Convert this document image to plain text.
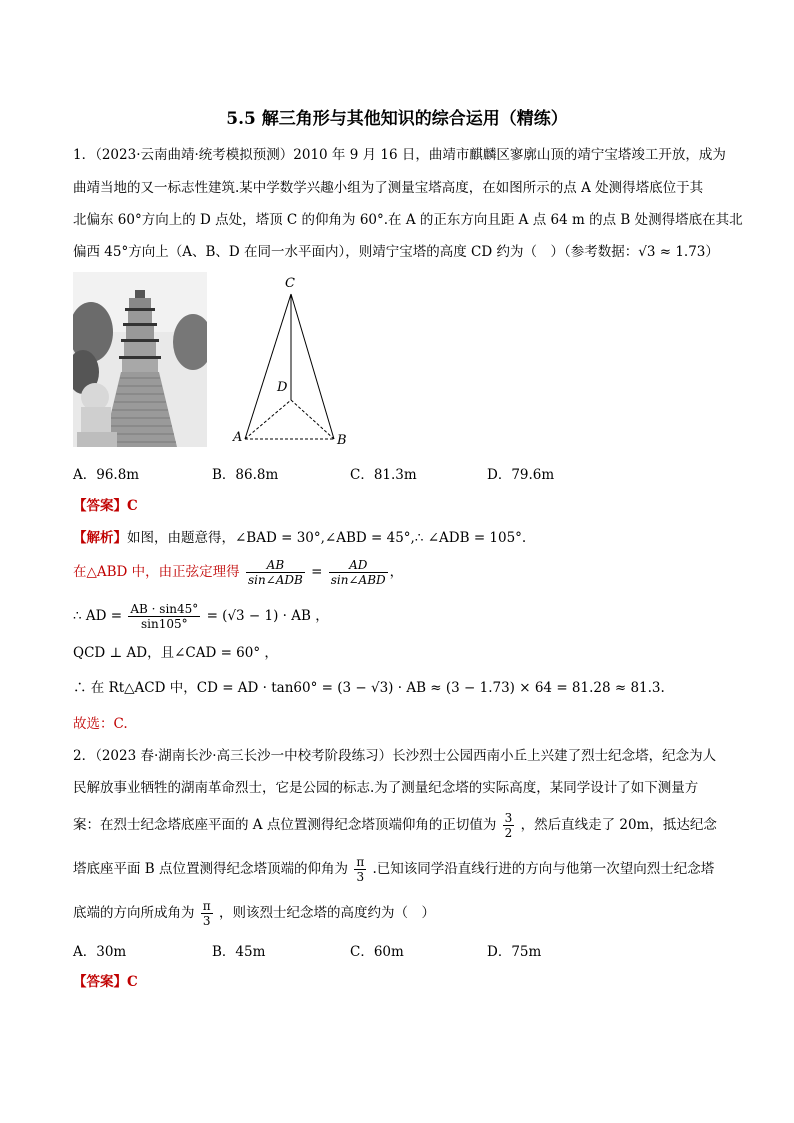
5.5 解三角形与其他知识的综合运用（精练）
1．（2023·云南曲靖·统考模拟预测）2010 年 9 月 16 日，曲靖市麒麟区寥廓山顶的靖宁宝塔竣工开放，成为
曲靖当地的又一标志性建筑.某中学数学兴趣小组为了测量宝塔高度，在如图所示的点 A 处测得塔底位于其
北偏东 60°方向上的 D 点处，塔顶 C 的仰角为 60°.在 A 的正东方向且距 A 点 64 m 的点 B 处测得塔底在其北
偏西 45°方向上（A、B、D 在同一水平面内），则靖宁宝塔的高度 CD 约为（　）（参考数据：√3 ≈ 1.73）
C
D
A	B
A．96.8m	B．86.8m	C．81.3m	D．79.6m
【答案】C
【解析】如图，由题意得，∠BAD = 30°,∠ABD = 45°,∴ ∠ADB = 105°.
在△ABD 中，由正弦定理得 $\frac{AB}{\text{sin∠ADB}} = \frac{AD}{\text{sin∠ABD}}$ ，
∴ AD = $\frac{AB \cdot \sin 45^\circ}{\sin 105^\circ} = (√3 - 1)$ · AB ，
QCD ⊥ AD，且∠CAD = 60° ，
∴ 在 Rt△ACD 中，CD = AD · tan60° = (3 − √3) · AB ≈ (3 − 1.73) × 64 = 81.28 ≈ 81.3.
故选：C.
2．（2023 春·湖南长沙·高三长沙一中校考阶段练习）长沙烈士公园西南小丘上兴建了烈士纪念塔，纪念为人
民解放事业牺牲的湖南革命烈士，它是公园的标志.为了测量纪念塔的实际高度，某同学设计了如下测量方
案：在烈士纪念塔底座平面的 A 点位置测得纪念塔顶端仰角的正切值为 $\frac{3}{2}$ ，然后直线走了 20m，抵达纪念
塔底座平面 B 点位置测得纪念塔顶端的仰角为 $\frac{\pi}{3}$ .已知该同学沿直线行进的方向与他第一次望向烈士纪念塔
底端的方向所成角为 $\frac{\pi}{3}$ ，则该烈士纪念塔的高度约为（　）
A．30m	B．45m	C．60m	D．75m
【答案】C
